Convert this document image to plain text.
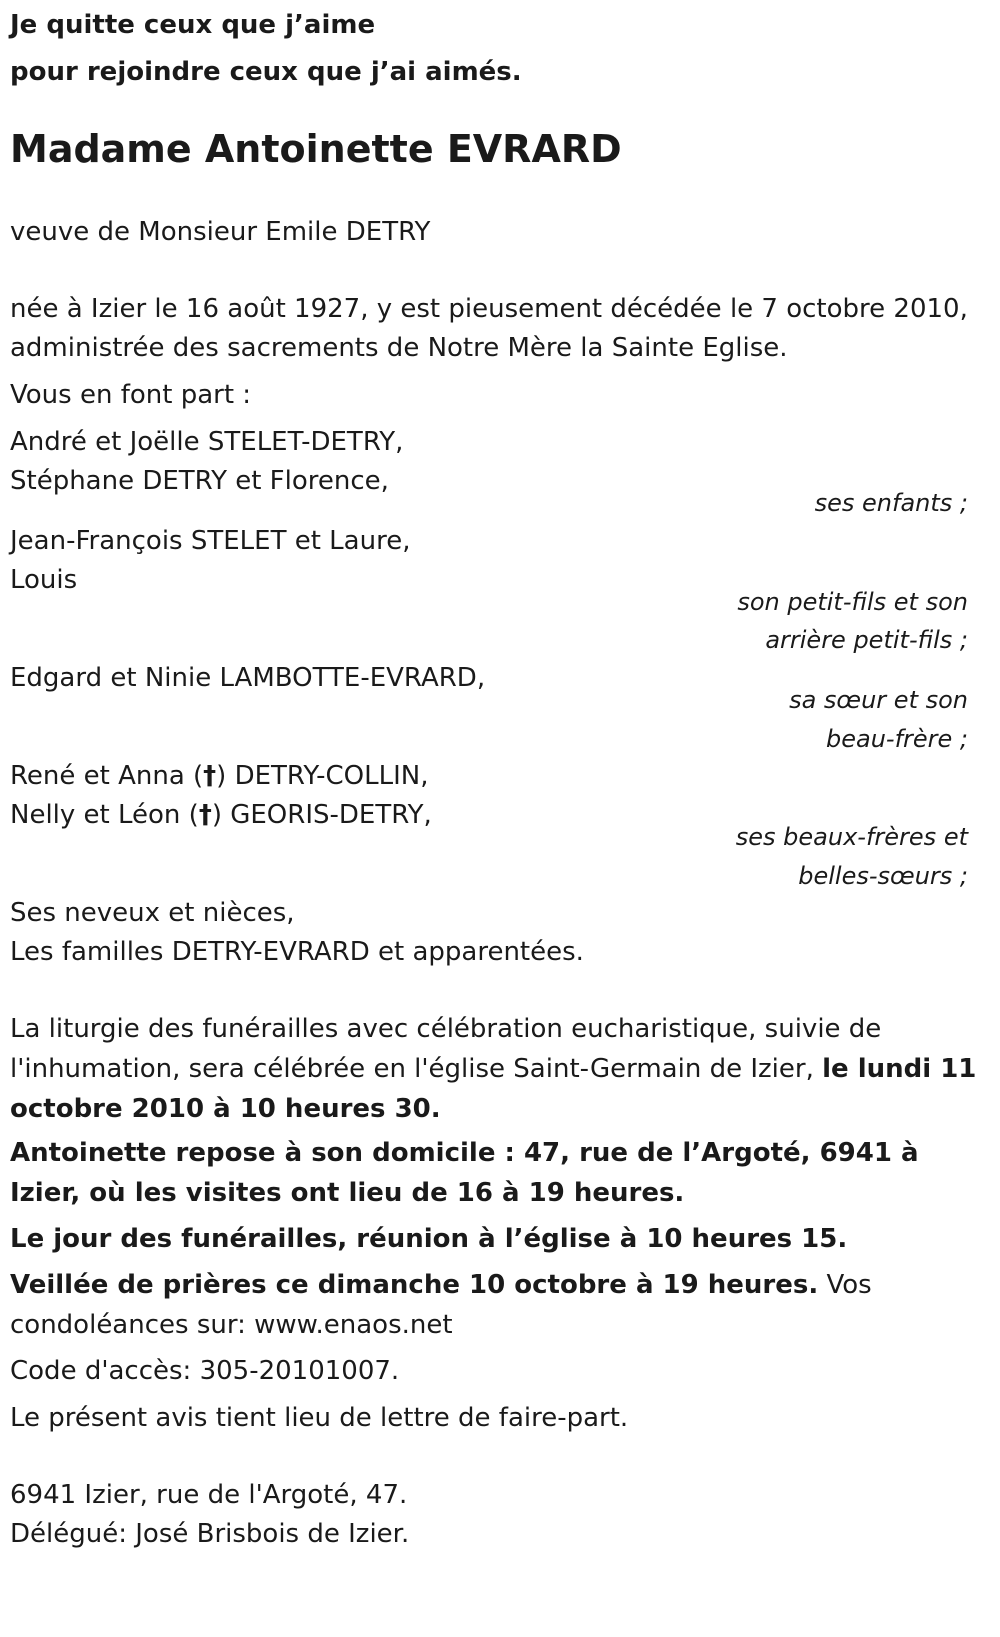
Je quitte ceux que j’aime
pour rejoindre ceux que j’ai aimés.
Madame Antoinette EVRARD
veuve de Monsieur Emile DETRY
née à Izier le 16 août 1927, y est pieusement décédée le 7 octobre 2010,
administrée des sacrements de Notre Mère la Sainte Eglise.
Vous en font part :
André et Joëlle STELET-DETRY,
Stéphane DETRY et Florence,
ses enfants ;
Jean-François STELET et Laure,
Louis
son petit-fils et son
arrière petit-fils ;
Edgard et Ninie LAMBOTTE-EVRARD,
sa sœur et son
beau-frère ;
René et Anna (†) DETRY-COLLIN,
Nelly et Léon (†) GEORIS-DETRY,
ses beaux-frères et
belles-sœurs ;
Ses neveux et nièces,
Les familles DETRY-EVRARD et apparentées.
La liturgie des funérailles avec célébration eucharistique, suivie de l'inhumation, sera célébrée en l'église Saint-Germain de Izier, le lundi 11 octobre 2010 à 10 heures 30.
Antoinette repose à son domicile : 47, rue de l’Argoté, 6941 à Izier, où les visites ont lieu de 16 à 19 heures.
Le jour des funérailles, réunion à l’église à 10 heures 15.
Veillée de prières ce dimanche 10 octobre à 19 heures. Vos condoléances sur: www.enaos.net
Code d'accès: 305-20101007.
Le présent avis tient lieu de lettre de faire-part.
6941 Izier, rue de l'Argoté, 47.
Délégué: José Brisbois de Izier.
